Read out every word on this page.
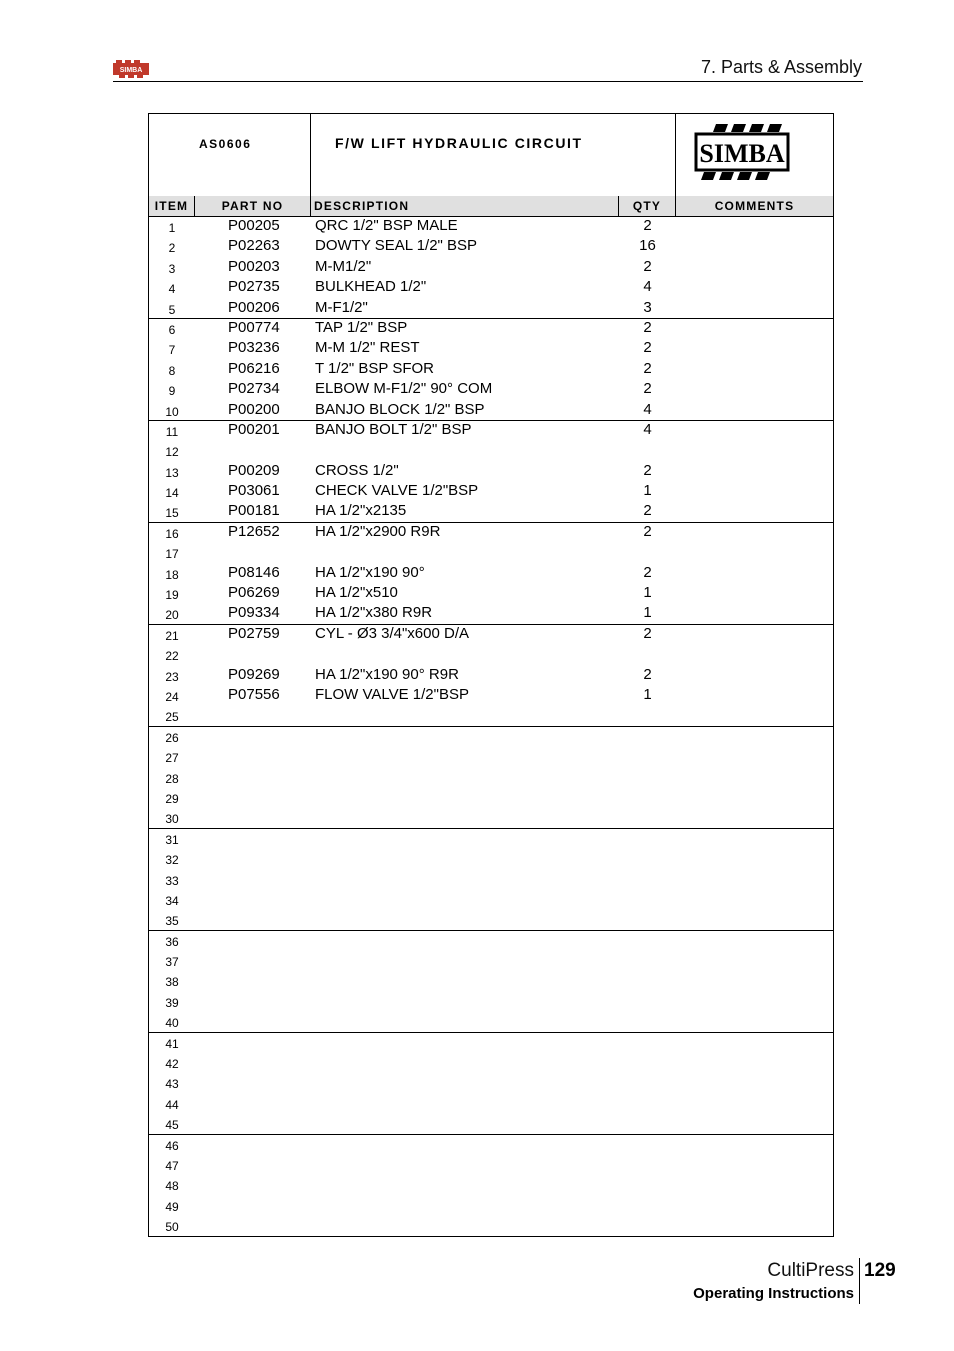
SIMBA	7. Parts & Assembly
AS0606	F/W LIFT HYDRAULIC CIRCUIT	SIMBA
ITEM	PART NO	DESCRIPTION	QTY	COMMENTS
1	P00205 QRC 1/2" BSP MALE	2
2	P02263 DOWTY SEAL 1/2" BSP	16
3	P00203 M-M1/2"	2
4	P02735 BULKHEAD 1/2"	4
5	P00206 M-F1/2"	3
6	P00774 TAP 1/2" BSP	2
7	P03236 M-M 1/2" REST	2
8	P06216 T 1/2" BSP SFOR	2
9	P02734 ELBOW M-F1/2" 90° COM	2
10	P00200 BANJO BLOCK 1/2" BSP	4
11	P00201 BANJO BOLT 1/2" BSP	4
12
13	P00209 CROSS 1/2"	2
14	P03061 CHECK VALVE 1/2"BSP	1
15	P00181 HA 1/2"x2135	2
16	P12652 HA 1/2"x2900 R9R	2
17
18	P08146 HA 1/2"x190 90°	2
19	P06269 HA 1/2"x510	1
20	P09334 HA 1/2"x380 R9R	1
21	P02759 CYL - Ø3 3/4"x600 D/A	2
22
23	P09269 HA 1/2"x190 90° R9R	2
24	P07556 FLOW VALVE 1/2"BSP	1
25
26
27
28
29
30
31
32
33
34
35
36
37
38
39
40
41
42
43
44
45
46
47
48
49
50
CultiPress 129
Operating Instructions
